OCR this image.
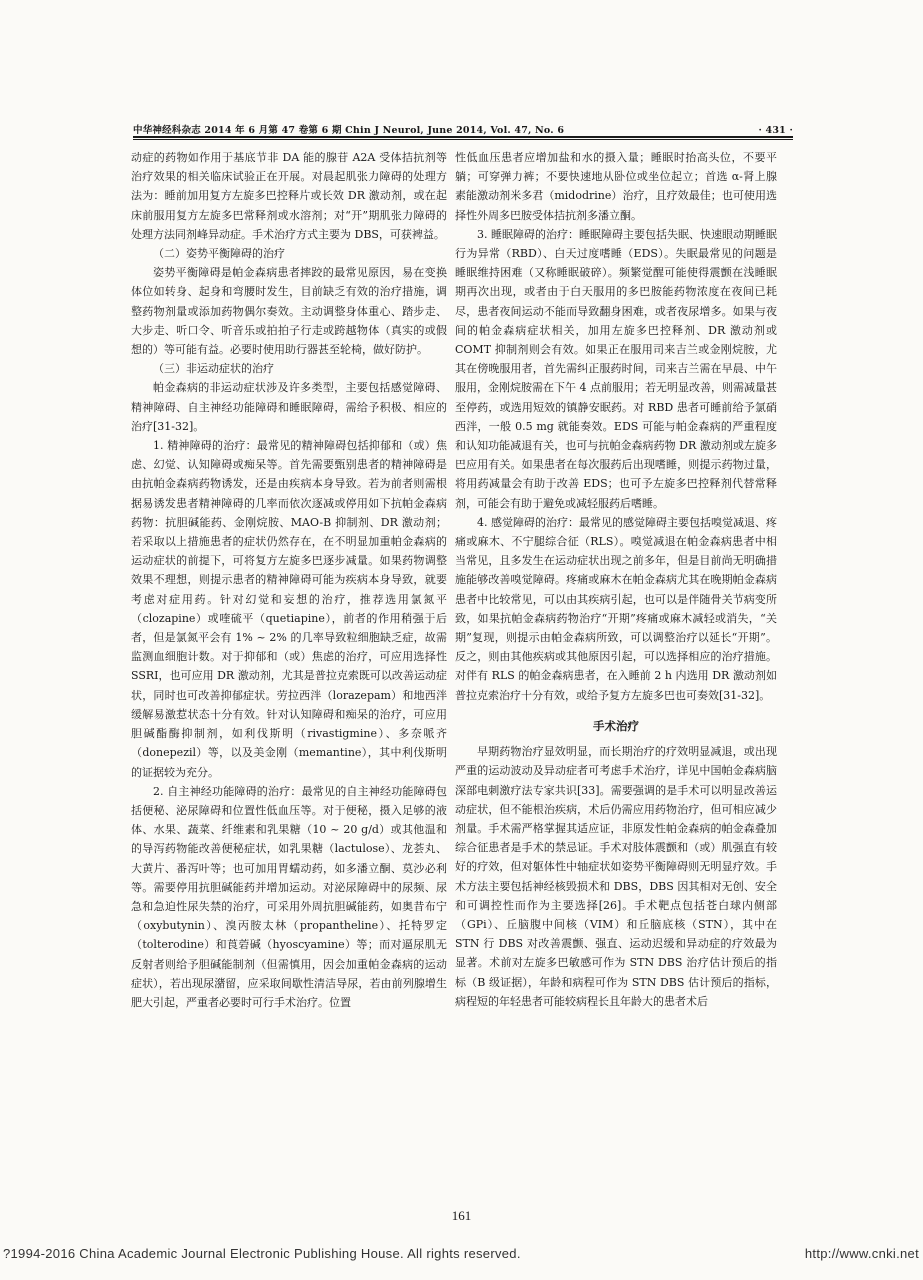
中华神经科杂志 2014 年 6 月第 47 卷第 6 期 Chin J Neurol, June 2014, Vol. 47, No. 6	· 431 ·

动症的药物如作用于基底节非 DA 能的腺苷 A2A 受体拮抗剂等治疗效果的相关临床试验正在开展。对晨起肌张力障碍的处理方法为：睡前加用复方左旋多巴控释片或长效 DR 激动剂，或在起床前服用复方左旋多巴常释剂或水溶剂；对“开”期肌张力障碍的处理方法同剂峰异动症。手术治疗方式主要为 DBS，可获裨益。

（二）姿势平衡障碍的治疗

姿势平衡障碍是帕金森病患者摔跤的最常见原因，易在变换体位如转身、起身和弯腰时发生，目前缺乏有效的治疗措施，调整药物剂量或添加药物偶尔奏效。主动调整身体重心、踏步走、大步走、听口令、听音乐或拍拍子行走或跨越物体（真实的或假想的）等可能有益。必要时使用助行器甚至轮椅，做好防护。

（三）非运动症状的治疗

帕金森病的非运动症状涉及许多类型，主要包括感觉障碍、精神障碍、自主神经功能障碍和睡眠障碍，需给予积极、相应的治疗[31-32]。

1. 精神障碍的治疗：最常见的精神障碍包括抑郁和（或）焦虑、幻觉、认知障碍或痴呆等。首先需要甄别患者的精神障碍是由抗帕金森病药物诱发，还是由疾病本身导致。若为前者则需根据易诱发患者精神障碍的几率而依次逐减或停用如下抗帕金森病药物：抗胆碱能药、金刚烷胺、MAO-B 抑制剂、DR 激动剂；若采取以上措施患者的症状仍然存在，在不明显加重帕金森病的运动症状的前提下，可将复方左旋多巴逐步减量。如果药物调整效果不理想，则提示患者的精神障碍可能为疾病本身导致，就要考虑对症用药。针对幻觉和妄想的治疗，推荐选用氯氮平（clozapine）或喹硫平（quetiapine），前者的作用稍强于后者，但是氯氮平会有 1% ~ 2% 的几率导致粒细胞缺乏症，故需监测血细胞计数。对于抑郁和（或）焦虑的治疗，可应用选择性 SSRI，也可应用 DR 激动剂，尤其是普拉克索既可以改善运动症状，同时也可改善抑郁症状。劳拉西泮（lorazepam）和地西泮缓解易激惹状态十分有效。针对认知障碍和痴呆的治疗，可应用胆碱酯酶抑制剂，如利伐斯明（rivastigmine）、多奈哌齐（donepezil）等，以及美金刚（memantine），其中利伐斯明的证据较为充分。

2. 自主神经功能障碍的治疗：最常见的自主神经功能障碍包括便秘、泌尿障碍和位置性低血压等。对于便秘，摄入足够的液体、水果、蔬菜、纤维素和乳果糖（10 ~ 20 g/d）或其他温和的导泻药物能改善便秘症状，如乳果糖（lactulose）、龙荟丸、大黄片、番泻叶等；也可加用胃蠕动药，如多潘立酮、莫沙必利等。需要停用抗胆碱能药并增加运动。对泌尿障碍中的尿频、尿急和急迫性尿失禁的治疗，可采用外周抗胆碱能药，如奥昔布宁（oxybutynin）、溴丙胺太林（propantheline）、托特罗定（tolterodine）和莨菪碱（hyoscyamine）等；而对逼尿肌无反射者则给予胆碱能制剂（但需慎用，因会加重帕金森病的运动症状），若出现尿潴留，应采取间歇性清洁导尿，若由前列腺增生肥大引起，严重者必要时可行手术治疗。位置

性低血压患者应增加盐和水的摄入量；睡眠时抬高头位，不要平躺；可穿弹力裤；不要快速地从卧位或坐位起立；首选 α-肾上腺素能激动剂米多君（midodrine）治疗，且疗效最佳；也可使用选择性外周多巴胺受体拮抗剂多潘立酮。

3. 睡眠障碍的治疗：睡眠障碍主要包括失眠、快速眼动期睡眠行为异常（RBD）、白天过度嗜睡（EDS）。失眠最常见的问题是睡眠维持困难（又称睡眠破碎）。频繁觉醒可能使得震颤在浅睡眠期再次出现，或者由于白天服用的多巴胺能药物浓度在夜间已耗尽，患者夜间运动不能而导致翻身困难，或者夜尿增多。如果与夜间的帕金森病症状相关，加用左旋多巴控释剂、DR 激动剂或 COMT 抑制剂则会有效。如果正在服用司来吉兰或金刚烷胺，尤其在傍晚服用者，首先需纠正服药时间，司来吉兰需在早晨、中午服用，金刚烷胺需在下午 4 点前服用；若无明显改善，则需减量甚至停药，或选用短效的镇静安眠药。对 RBD 患者可睡前给予氯硝西泮，一般 0.5 mg 就能奏效。EDS 可能与帕金森病的严重程度和认知功能减退有关，也可与抗帕金森病药物 DR 激动剂或左旋多巴应用有关。如果患者在每次服药后出现嗜睡，则提示药物过量，将用药减量会有助于改善 EDS；也可予左旋多巴控释剂代替常释剂，可能会有助于避免或减轻服药后嗜睡。

4. 感觉障碍的治疗：最常见的感觉障碍主要包括嗅觉减退、疼痛或麻木、不宁腿综合征（RLS）。嗅觉减退在帕金森病患者中相当常见，且多发生在运动症状出现之前多年，但是目前尚无明确措施能够改善嗅觉障碍。疼痛或麻木在帕金森病尤其在晚期帕金森病患者中比较常见，可以由其疾病引起，也可以是伴随骨关节病变所致，如果抗帕金森病药物治疗“开期”疼痛或麻木减轻或消失，“关期”复现，则提示由帕金森病所致，可以调整治疗以延长“开期”。反之，则由其他疾病或其他原因引起，可以选择相应的治疗措施。对伴有 RLS 的帕金森病患者，在入睡前 2 h 内选用 DR 激动剂如普拉克索治疗十分有效，或给予复方左旋多巴也可奏效[31-32]。

手术治疗

早期药物治疗显效明显，而长期治疗的疗效明显减退，或出现严重的运动波动及异动症者可考虑手术治疗，详见中国帕金森病脑深部电刺激疗法专家共识[33]。需要强调的是手术可以明显改善运动症状，但不能根治疾病，术后仍需应用药物治疗，但可相应减少剂量。手术需严格掌握其适应证，非原发性帕金森病的帕金森叠加综合征患者是手术的禁忌证。手术对肢体震颤和（或）肌强直有较好的疗效，但对躯体性中轴症状如姿势平衡障碍则无明显疗效。手术方法主要包括神经核毁损术和 DBS，DBS 因其相对无创、安全和可调控性而作为主要选择[26]。手术靶点包括苍白球内侧部（GPi）、丘脑腹中间核（VIM）和丘脑底核（STN），其中在 STN 行 DBS 对改善震颤、强直、运动迟缓和异动症的疗效最为显著。术前对左旋多巴敏感可作为 STN DBS 治疗估计预后的指标（B 级证据），年龄和病程可作为 STN DBS 估计预后的指标，病程短的年轻患者可能较病程长且年龄大的患者术后

161
?1994-2016 China Academic Journal Electronic Publishing House. All rights reserved.	http://www.cnki.net
